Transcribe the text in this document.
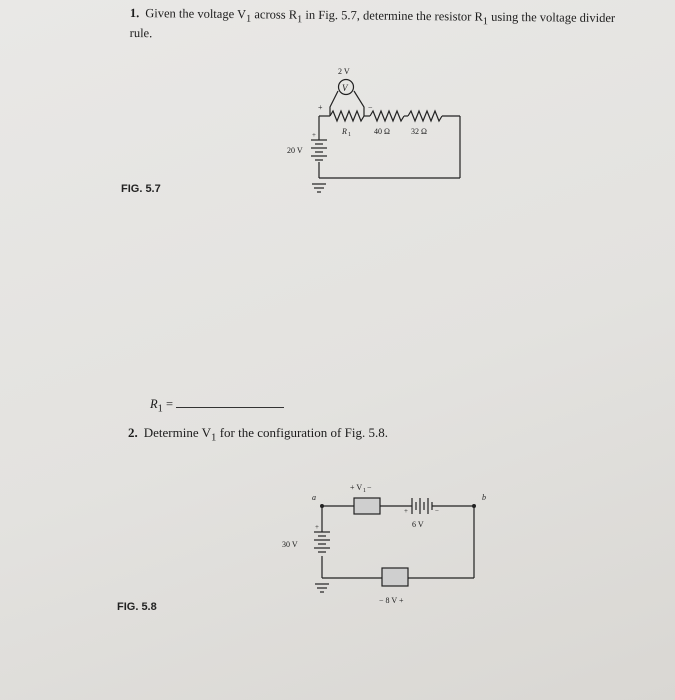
1. Given the voltage $V_1$ across $R_1$ in Fig. 5.7, determine the resistor $R_1$ using the voltage divider rule.
2 V
V
+	−
R 1	40 Ω	32 Ω
20 V
+
+ V 1 −
a	b
30 V
+	6 V
+	−
− 8 V +
FIG. 5.7
$R_1$ =
2. Determine $V_1$ for the configuration of Fig. 5.8.
FIG. 5.8
